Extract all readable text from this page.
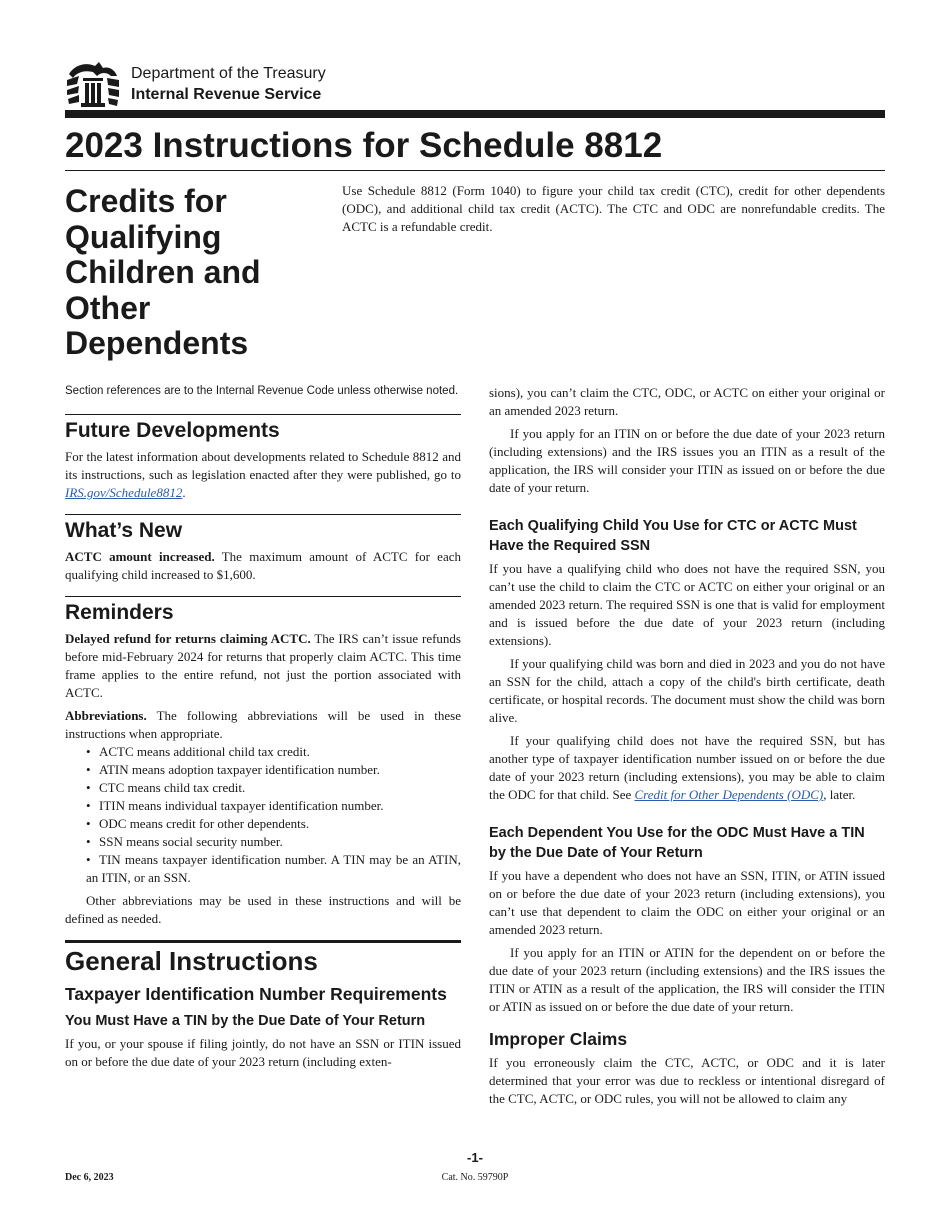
Department of the Treasury
Internal Revenue Service
2023 Instructions for Schedule 8812
Credits for Qualifying Children and Other Dependents

Use Schedule 8812 (Form 1040) to figure your child tax credit (CTC), credit for other dependents (ODC), and additional child tax credit (ACTC). The CTC and ODC are nonrefundable credits. The ACTC is a refundable credit.

Section references are to the Internal Revenue Code unless otherwise noted.

Future Developments

For the latest information about developments related to Schedule 8812 and its instructions, such as legislation enacted after they were published, go to IRS.gov/Schedule8812.

What’s New

ACTC amount increased. The maximum amount of ACTC for each qualifying child increased to $1,600.

Reminders

Delayed refund for returns claiming ACTC. The IRS can’t issue refunds before mid-February 2024 for returns that properly claim ACTC. This time frame applies to the entire refund, not just the portion associated with ACTC.

Abbreviations. The following abbreviations will be used in these instructions when appropriate.

• ACTC means additional child tax credit.
• ATIN means adoption taxpayer identification number.
• CTC means child tax credit.
• ITIN means individual taxpayer identification number.
• ODC means credit for other dependents.
• SSN means social security number.
• TIN means taxpayer identification number. A TIN may be an ATIN, an ITIN, or an SSN.

Other abbreviations may be used in these instructions and will be defined as needed.

General Instructions
Taxpayer Identification Number Requirements
You Must Have a TIN by the Due Date of Your Return

If you, or your spouse if filing jointly, do not have an SSN or ITIN issued on or before the due date of your 2023 return (including exten-

sions), you can’t claim the CTC, ODC, or ACTC on either your original or an amended 2023 return.

If you apply for an ITIN on or before the due date of your 2023 return (including extensions) and the IRS issues you an ITIN as a result of the application, the IRS will consider your ITIN as issued on or before the due date of your return.

Each Qualifying Child You Use for CTC or ACTC Must Have the Required SSN

If you have a qualifying child who does not have the required SSN, you can’t use the child to claim the CTC or ACTC on either your original or an amended 2023 return. The required SSN is one that is valid for employment and is issued before the due date of your 2023 return (including extensions).

If your qualifying child was born and died in 2023 and you do not have an SSN for the child, attach a copy of the child's birth certificate, death certificate, or hospital records. The document must show the child was born alive.

If your qualifying child does not have the required SSN, but has another type of taxpayer identification number issued on or before the due date of your 2023 return (including extensions), you may be able to claim the ODC for that child. See Credit for Other Dependents (ODC), later.

Each Dependent You Use for the ODC Must Have a TIN by the Due Date of Your Return

If you have a dependent who does not have an SSN, ITIN, or ATIN issued on or before the due date of your 2023 return (including extensions), you can’t use that dependent to claim the ODC on either your original or an amended 2023 return.

If you apply for an ITIN or ATIN for the dependent on or before the due date of your 2023 return (including extensions) and the IRS issues the ITIN or ATIN as a result of the application, the IRS will consider the ITIN or ATIN as issued on or before the due date of your return.

Improper Claims

If you erroneously claim the CTC, ACTC, or ODC and it is later determined that your error was due to reckless or intentional disregard of the CTC, ACTC, or ODC rules, you will not be allowed to claim any

-1-
Dec 6, 2023	Cat. No. 59790P
